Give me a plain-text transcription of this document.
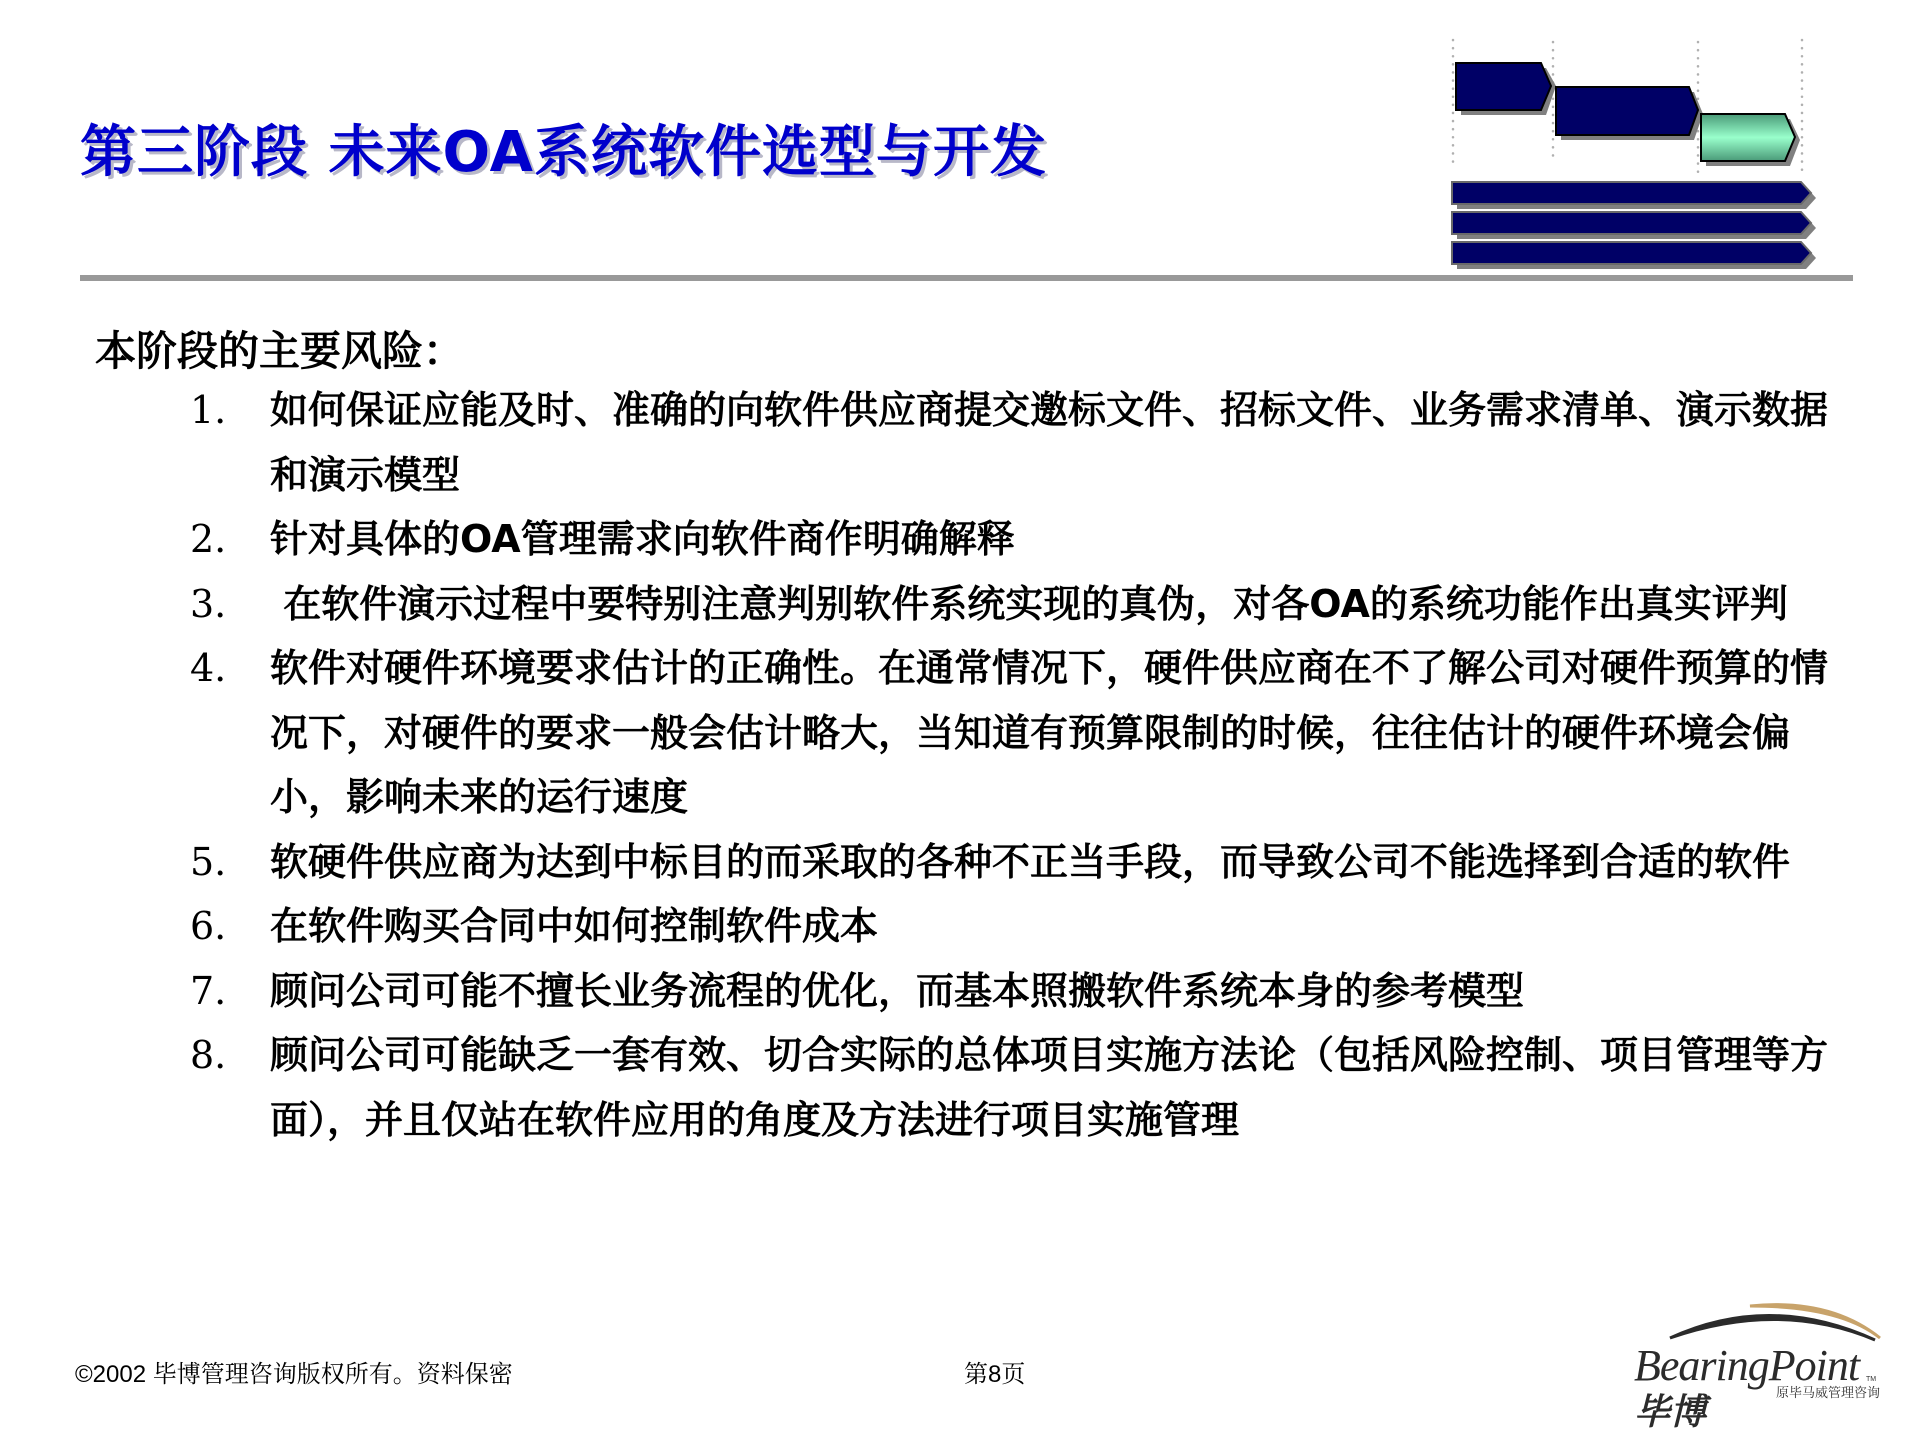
第三阶段 未来OA系统软件选型与开发
本阶段的主要风险：
1.	如何保证应能及时、准确的向软件供应商提交邀标文件、招标文件、业务需求清单、演示数据和演示模型
2.	针对具体的OA管理需求向软件商作明确解释
3.	在软件演示过程中要特别注意判别软件系统实现的真伪，对各OA的系统功能作出真实评判
4.	软件对硬件环境要求估计的正确性。在通常情况下，硬件供应商在不了解公司对硬件预算的情况下，对硬件的要求一般会估计略大，当知道有预算限制的时候，往往估计的硬件环境会偏小，影响未来的运行速度
5.	软硬件供应商为达到中标目的而采取的各种不正当手段，而导致公司不能选择到合适的软件
6.	在软件购买合同中如何控制软件成本
7.	顾问公司可能不擅长业务流程的优化，而基本照搬软件系统本身的参考模型
8.	顾问公司可能缺乏一套有效、切合实际的总体项目实施方法论（包括风险控制、项目管理等方面），并且仅站在软件应用的角度及方法进行项目实施管理
©2002 毕博管理咨询版权所有。资料保密	第8页	BearingPoint TM
毕博	原毕马威管理咨询
